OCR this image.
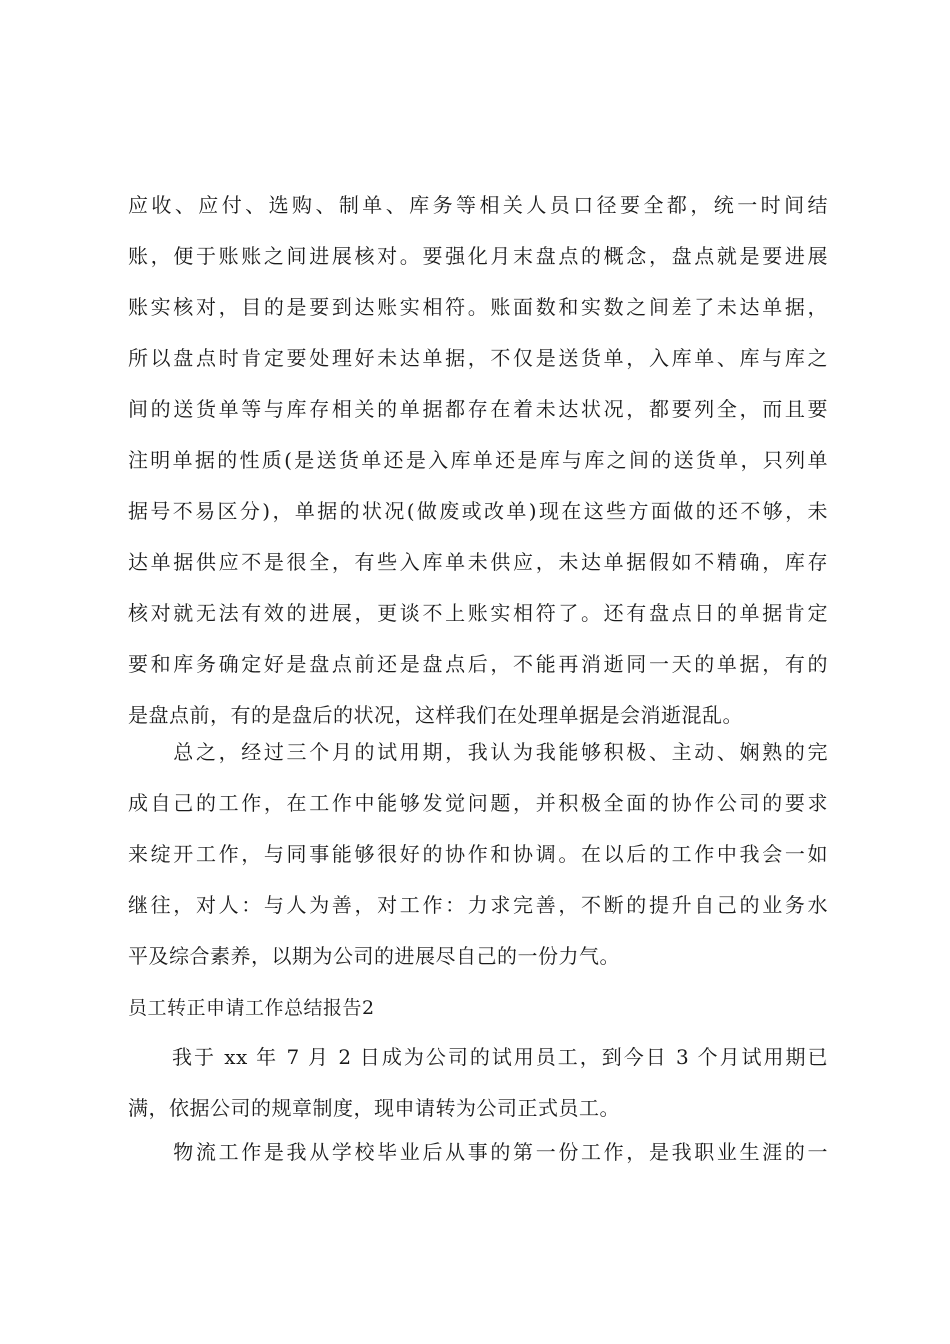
应收、应付、选购、制单、库务等相关人员口径要全都，统一时间结
账，便于账账之间进展核对。要强化月末盘点的概念，盘点就是要进展
账实核对，目的是要到达账实相符。账面数和实数之间差了未达单据，
所以盘点时肯定要处理好未达单据，不仅是送货单，入库单、库与库之
间的送货单等与库存相关的单据都存在着未达状况，都要列全，而且要
注明单据的性质(是送货单还是入库单还是库与库之间的送货单，只列单
据号不易区分)，单据的状况(做废或改单)现在这些方面做的还不够，未
达单据供应不是很全，有些入库单未供应，未达单据假如不精确，库存
核对就无法有效的进展，更谈不上账实相符了。还有盘点日的单据肯定
要和库务确定好是盘点前还是盘点后，不能再消逝同一天的单据，有的
是盘点前，有的是盘后的状况，这样我们在处理单据是会消逝混乱。
　　总之，经过三个月的试用期，我认为我能够积极、主动、娴熟的完
成自己的工作，在工作中能够发觉问题，并积极全面的协作公司的要求
来绽开工作，与同事能够很好的协作和协调。在以后的工作中我会一如
继往，对人：与人为善，对工作：力求完善，不断的提升自己的业务水
平及综合素养，以期为公司的进展尽自己的一份力气。
员工转正申请工作总结报告2
　　我于 xx 年 7 月 2 日成为公司的试用员工，到今日 3 个月试用期已
满，依据公司的规章制度，现申请转为公司正式员工。
　　物流工作是我从学校毕业后从事的第一份工作，是我职业生涯的一
